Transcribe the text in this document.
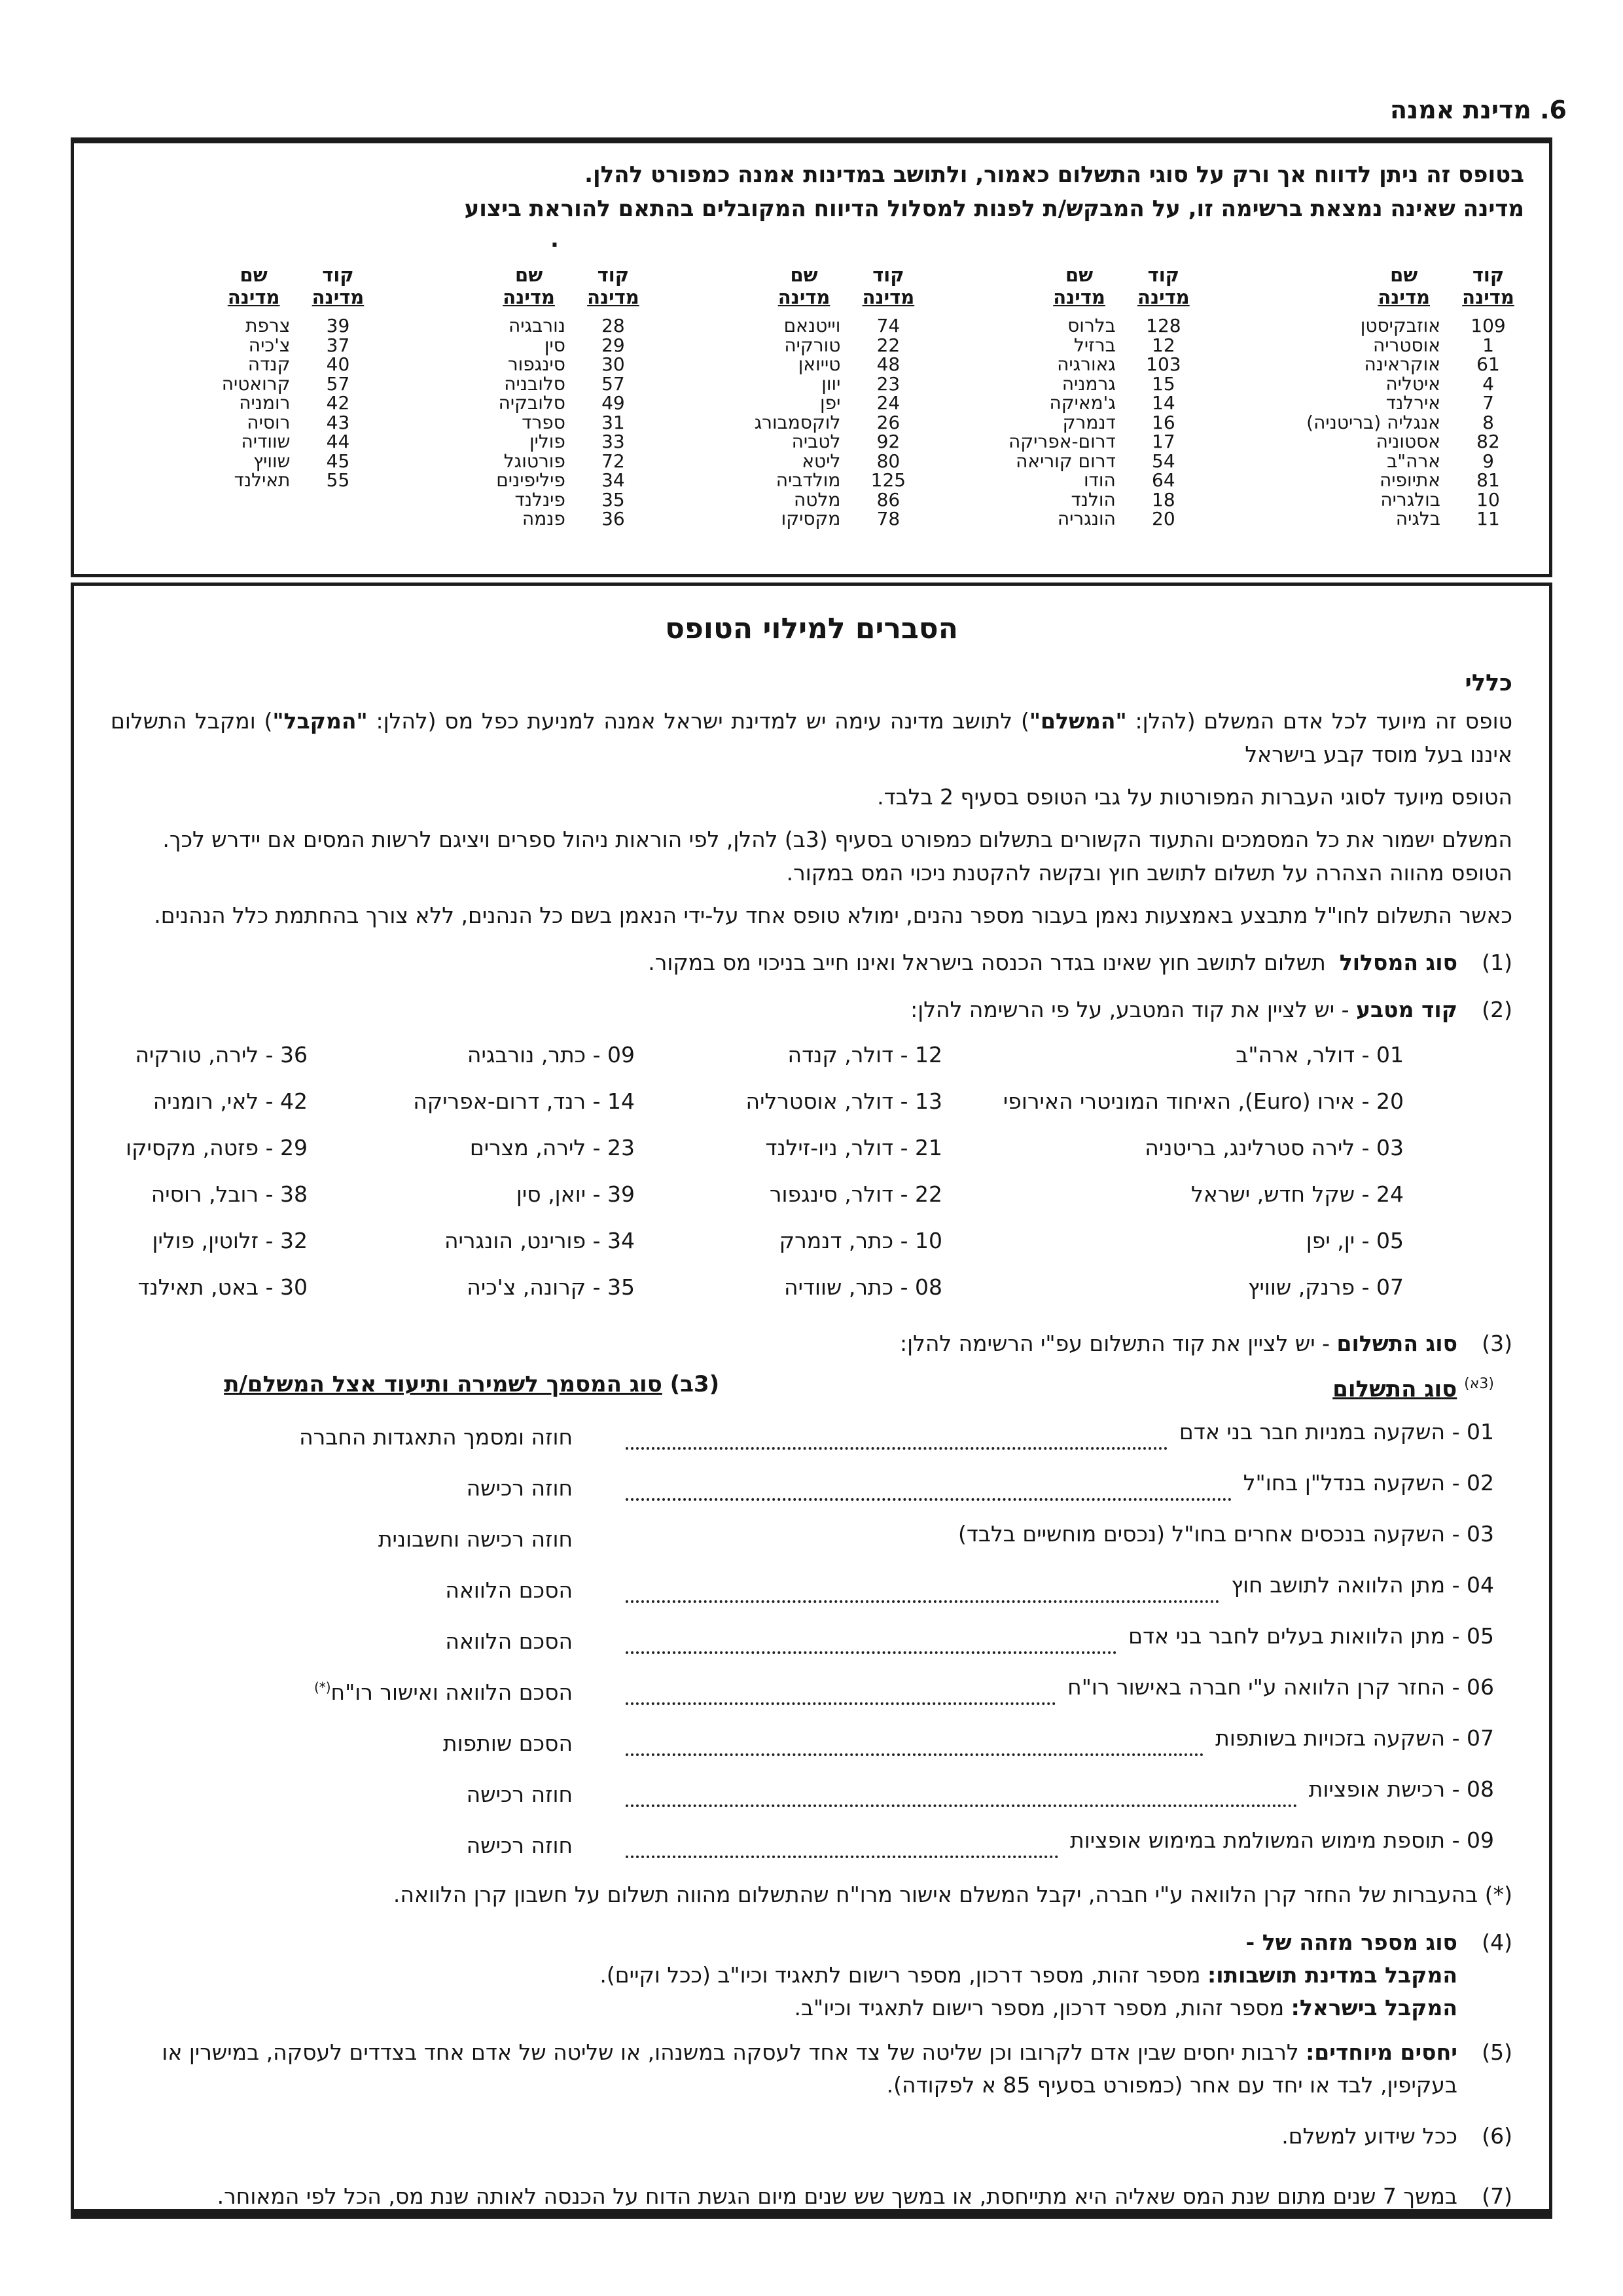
6. מדינת אמנה
בטופס זה ניתן לדווח אך ורק על סוגי התשלום כאמור, ולתושב במדינות אמנה כמפורט להלן.
מדינה שאינה נמצאת ברשימה זו, על המבקש/ת לפנות למסלול הדיווח המקובלים בהתאם להוראת ביצוע
.
קוד
מדינה
שם
מדינה
109
אוזבקיסטן
1
אוסטריה
61
אוקראינה
4
איטליה
7
אירלנד
8
אנגליה (בריטניה)
82
אסטוניה
9
ארה"ב
81
אתיופיה
10
בולגריה
11
בלגיה
קוד
מדינה
שם
מדינה
128
בלרוס
12
ברזיל
103
גאורגיה
15
גרמניה
14
ג'מאיקה
16
דנמרק
17
דרום-אפריקה
54
דרום קוריאה
64
הודו
18
הולנד
20
הונגריה
קוד
מדינה
שם
מדינה
74
וייטנאם
22
טורקיה
48
טייואן
23
יוון
24
יפן
26
לוקסמבורג
92
לטביה
80
ליטא
125
מולדביה
86
מלטה
78
מקסיקו
קוד
מדינה
שם
מדינה
28
נורבגיה
29
סין
30
סינגפור
57
סלובניה
49
סלובקיה
31
ספרד
33
פולין
72
פורטוגל
34
פיליפינים
35
פינלנד
36
פנמה
קוד
מדינה
שם
מדינה
39
צרפת
37
צ'כיה
40
קנדה
57
קרואטיה
42
רומניה
43
רוסיה
44
שוודיה
45
שוויץ
55
תאילנד
הסברים למילוי הטופס
כללי
טופס זה מיועד לכל אדם המשלם (להלן: "המשלם") לתושב מדינה עימה יש למדינת ישראל אמנה למניעת כפל מס (להלן: "המקבל") ומקבל התשלום איננו בעל מוסד קבע בישראל
הטופס מיועד לסוגי העברות המפורטות על גבי הטופס בסעיף 2 בלבד.
המשלם ישמור את כל המסמכים והתעוד הקשורים בתשלום כמפורט בסעיף (3ב) להלן, לפי הוראות ניהול ספרים ויציגם לרשות המסים אם יידרש לכך.
הטופס מהווה הצהרה על תשלום לתושב חוץ ובקשה להקטנת ניכוי המס במקור.
כאשר התשלום לחו"ל מתבצע באמצעות נאמן בעבור מספר נהנים, ימולא טופס אחד על-ידי הנאמן בשם כל הנהנים, ללא צורך בהחתמת כלל הנהנים.
(1)
סוג המסלול  תשלום לתושב חוץ שאינו בגדר הכנסה בישראל ואינו חייב בניכוי מס במקור.
(2)
קוד מטבע - יש לציין את קוד המטבע, על פי הרשימה להלן:
01 - דולר, ארה"ב
12 - דולר, קנדה
09 - כתר, נורבגיה
36 - לירה, טורקיה
20 - אירו (Euro), האיחוד המוניטרי האירופי
13 - דולר, אוסטרליה
14 - רנד, דרום-אפריקה
42 - לאי, רומניה
03 - לירה סטרלינג, בריטניה
21 - דולר, ניו-זילנד
23 - לירה, מצרים
29 - פזטה, מקסיקו
24 - שקל חדש, ישראל
22 - דולר, סינגפור
39 - יואן, סין
38 - רובל, רוסיה
05 - ין, יפן
10 - כתר, דנמרק
34 - פורינט, הונגריה
32 - זלוטין, פולין
07 - פרנק, שוויץ
08 - כתר, שוודיה
35 - קרונה, צ'כיה
30 - באט, תאילנד
(3)
סוג התשלום - יש לציין את קוד התשלום עפ"י הרשימה להלן:
$^{(3א)}$ סוג התשלום
(3ב) סוג המסמך לשמירה ותיעוד אצל המשלם/ת
01 - השקעה במניות חבר בני אדם
חוזה ומסמך התאגדות החברה
02 - השקעה בנדל"ן בחו"ל
חוזה רכישה
03 - השקעה בנכסים אחרים בחו"ל (נכסים מוחשיים בלבד)
חוזה רכישה וחשבונית
04 - מתן הלוואה לתושב חוץ
הסכם הלוואה
05 - מתן הלוואות בעלים לחבר בני אדם
הסכם הלוואה
06 - החזר קרן הלוואה ע"י חברה באישור רו"ח
הסכם הלוואה ואישור רו"ח(*)
07 - השקעה בזכויות בשותפות
הסכם שותפות
08 - רכישת אופציות
חוזה רכישה
09 - תוספת מימוש המשולמת במימוש אופציות
חוזה רכישה
(*) בהעברות של החזר קרן הלוואה ע"י חברה, יקבל המשלם אישור מרו"ח שהתשלום מהווה תשלום על חשבון קרן הלוואה.
(4)
סוג מספר מזהה של -
המקבל במדינת תושבותו: מספר זהות, מספר דרכון, מספר רישום לתאגיד וכיו"ב (ככל וקיים).
המקבל בישראל: מספר זהות, מספר דרכון, מספר רישום לתאגיד וכיו"ב.
(5)
יחסים מיוחדים: לרבות יחסים שבין אדם לקרובו וכן שליטה של צד אחד לעסקה במשנהו, או שליטה של אדם אחד בצדדים לעסקה, במישרין או בעקיפין, לבד או יחד עם אחר (כמפורט בסעיף 85 א לפקודה).
(6)
ככל שידוע למשלם.
(7)
במשך 7 שנים מתום שנת המס שאליה היא מתייחסת, או במשך שש שנים מיום הגשת הדוח על הכנסה לאותה שנת מס, הכל לפי המאוחר.
